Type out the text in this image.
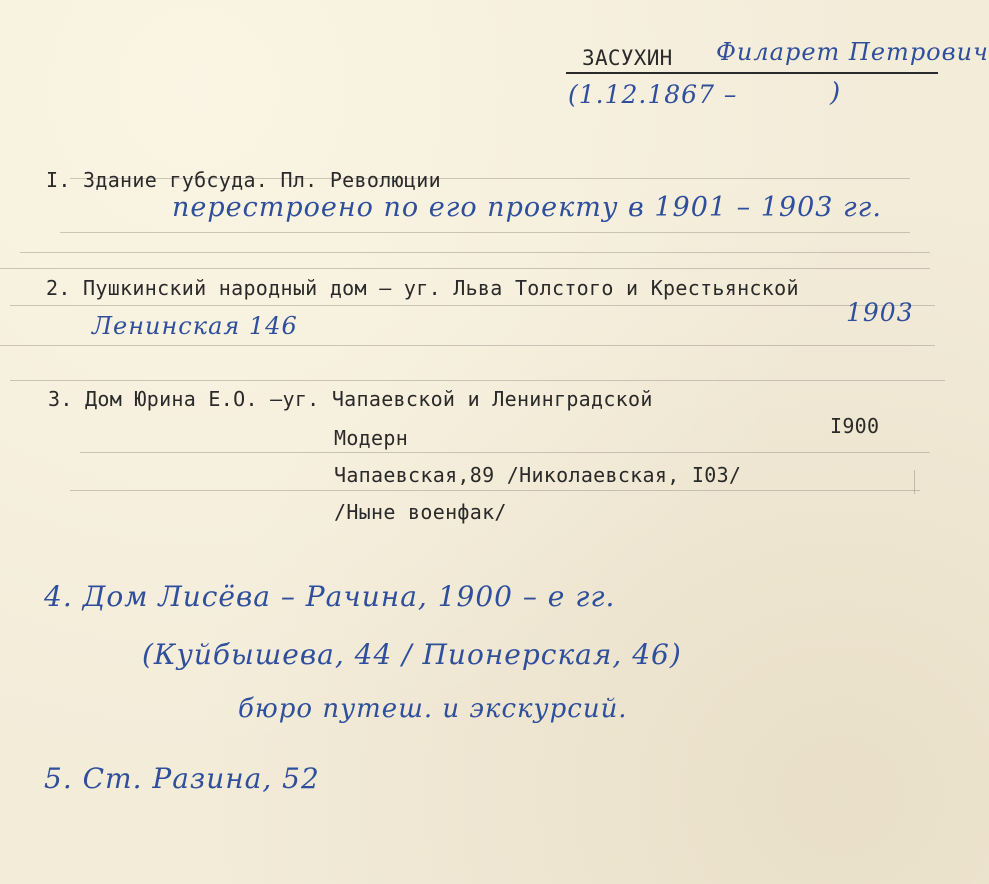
ЗАСУХИН Филарет Петрович
(1.12.1867 –	)
I. Здание губсуда. Пл. Революции
перестроено по его проекту в 1901 – 1903 гг.
2. Пушкинский народный дом – уг. Льва Толстого и Крестьянской
Ленинская 146	1903
3. Дом Юрина Е.О. –уг. Чапаевской и Ленинградской
Модерн	I900
Чапаевская,89 /Николаевская, I03/
/Ныне военфак/
4. Дом Лисёва – Рачина, 1900 – е гг.
(Куйбышева, 44 / Пионерская, 46)
бюро путеш. и экскурсий.
5. Ст. Разина, 52
